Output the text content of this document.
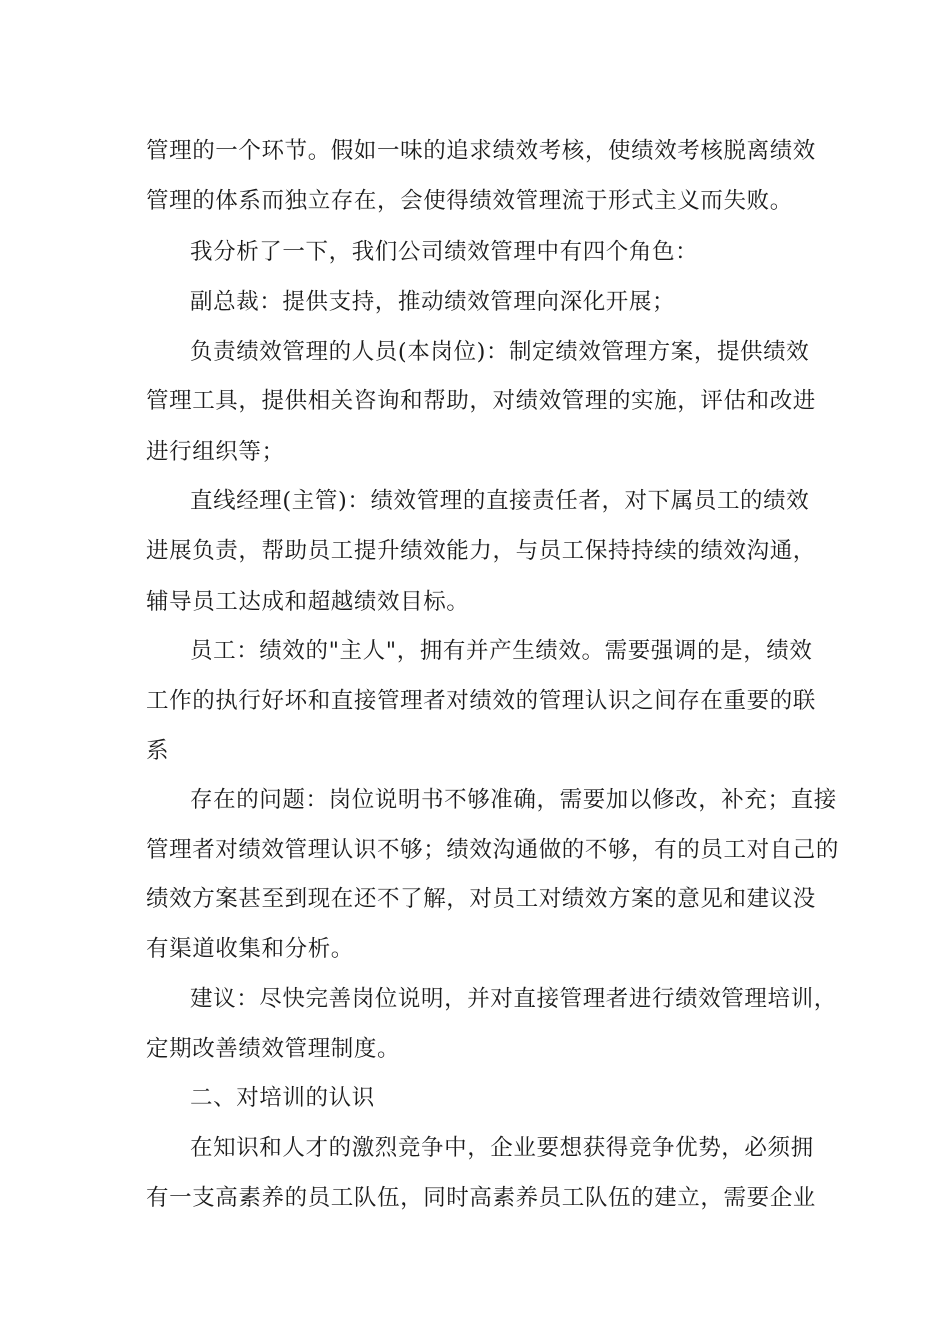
管理的一个环节。假如一味的追求绩效考核，使绩效考核脱离绩效
管理的体系而独立存在，会使得绩效管理流于形式主义而失败。
我分析了一下，我们公司绩效管理中有四个角色：
副总裁：提供支持，推动绩效管理向深化开展；
负责绩效管理的人员(本岗位)：制定绩效管理方案，提供绩效
管理工具，提供相关咨询和帮助，对绩效管理的实施，评估和改进
进行组织等；
直线经理(主管)：绩效管理的直接责任者，对下属员工的绩效
进展负责，帮助员工提升绩效能力，与员工保持持续的绩效沟通，
辅导员工达成和超越绩效目标。
员工：绩效的"主人"，拥有并产生绩效。需要强调的是，绩效
工作的执行好坏和直接管理者对绩效的管理认识之间存在重要的联
系
存在的问题：岗位说明书不够准确，需要加以修改，补充；直接
管理者对绩效管理认识不够；绩效沟通做的不够，有的员工对自己的
绩效方案甚至到现在还不了解，对员工对绩效方案的意见和建议没
有渠道收集和分析。
建议：尽快完善岗位说明，并对直接管理者进行绩效管理培训，
定期改善绩效管理制度。
二、对培训的认识
在知识和人才的激烈竞争中，企业要想获得竞争优势，必须拥
有一支高素养的员工队伍，同时高素养员工队伍的建立，需要企业
